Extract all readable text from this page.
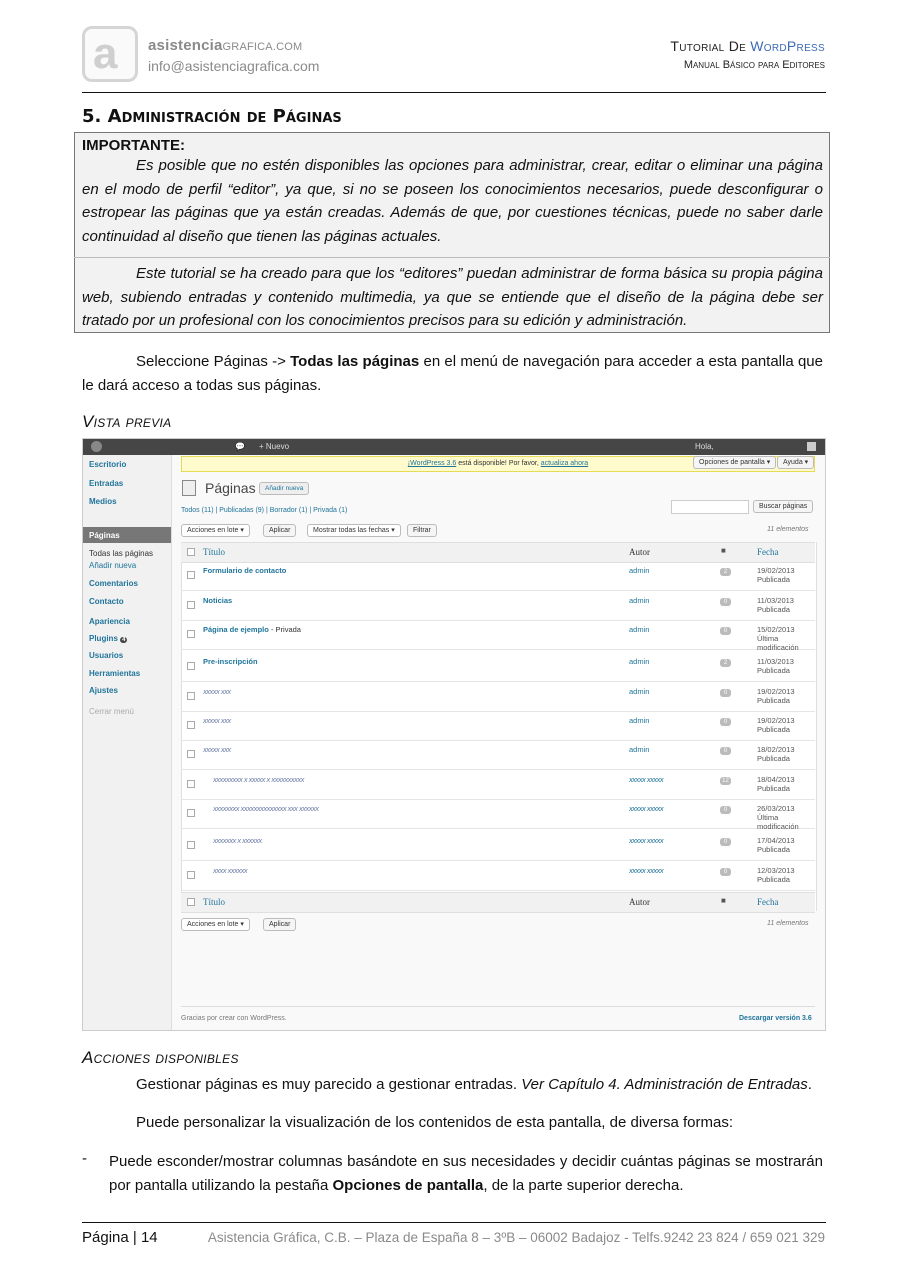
a asistenciaGRAFICA.COM
info@asistenciagrafica.com
Tutorial De WordPress
Manual Básico para Editores
5. Administración de Páginas
IMPORTANTE:
Es posible que no estén disponibles las opciones para administrar, crear, editar o eliminar una página en el modo de perfil “editor”, ya que, si no se poseen los conocimientos necesarios, puede desconfigurar o estropear las páginas que ya están creadas. Además de que, por cuestiones técnicas, puede no saber darle continuidad al diseño que tienen las páginas actuales.
Este tutorial se ha creado para que los “editores” puedan administrar de forma básica su propia página web, subiendo entradas y contenido multimedia, ya que se entiende que el diseño de la página debe ser tratado por un profesional con los conocimientos precisos para su edición y administración.
Seleccione Páginas -> Todas las páginas en el menú de navegación para acceder a esta pantalla que le dará acceso a todas sus páginas.
Vista previa
💬 + Nuevo	Hola,
Escritorio
Entradas
Medios
Páginas
Todas las páginas
Añadir nueva
Comentarios
Contacto
Apariencia
Plugins 4
Usuarios
Herramientas
Ajustes
Cerrar menú
¡WordPress 3.6 está disponible! Por favor, actualiza ahora	Opciones de pantalla ▾	Ayuda ▾
Páginas	Añadir nueva
Buscar páginas
Todos (11) | Publicadas (9) | Borrador (1) | Privada (1)
Acciones en lote ▾	Aplicar	Mostrar todas las fechas ▾	Filtrar	11 elementos
Acciones en lote ▾	Aplicar	11 elementos
Gracias por crear con WordPress.	Descargar versión 3.6
Título	Autor	■	Fecha
Formulario de contacto	admin	2	19/02/2013
Publicada
Noticias	admin	0	11/03/2013
Publicada
Página de ejemplo - Privada	admin	0	15/02/2013
Última modificación
Pre-inscripción	admin	2	11/03/2013
Publicada
xxxxx xxx	admin	0	19/02/2013
Publicada
xxxxx xxx	admin	0	19/02/2013
Publicada
xxxxx xxx	admin	0	18/02/2013
Publicada
xxxxxxxxx x xxxxx x xxxxxxxxxx	xxxxx xxxxx	12	18/04/2013
Publicada
xxxxxxxx xxxxxxxxxxxxxx xxx xxxxxx	xxxxx xxxxx	0	26/03/2013
Última modificación
xxxxxxx x xxxxxx	xxxxx xxxxx	0	17/04/2013
Publicada
xxxx xxxxxx	xxxxx xxxxx	0	12/03/2013
Publicada
Título	Autor	■	Fecha
Acciones disponibles
Gestionar páginas es muy parecido a gestionar entradas. Ver Capítulo 4. Administración de Entradas.
Puede personalizar la visualización de los contenidos de esta pantalla, de diversa formas:
- Puede esconder/mostrar columnas basándote en sus necesidades y decidir cuántas páginas se mostrarán por pantalla utilizando la pestaña Opciones de pantalla, de la parte superior derecha.
Página | 14	Asistencia Gráfica, C.B. – Plaza de España 8 – 3ºB – 06002 Badajoz - Telfs.9242 23 824 / 659 021 329
